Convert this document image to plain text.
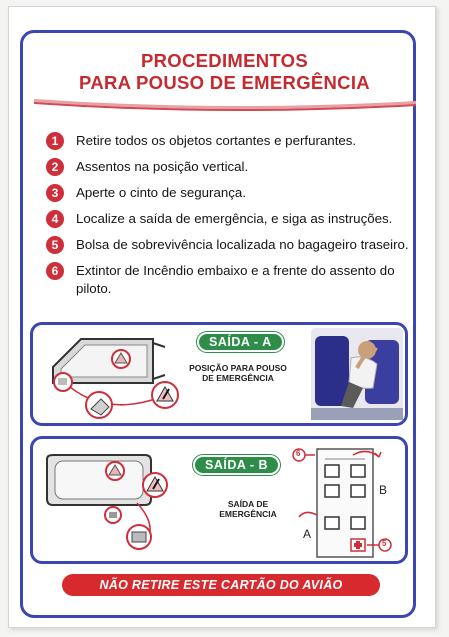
PROCEDIMENTOS
PARA POUSO DE EMERGÊNCIA
1	Retire todos os objetos cortantes e perfurantes.
2	Assentos na posição vertical.
3	Aperte o cinto de segurança.
4	Localize a saída de emergência, e siga as instruções.
5	Bolsa de sobrevivência localizada no bagageiro traseiro.
6	Extintor de Incêndio embaixo e a frente do assento do piloto.
SAÍDA - A
POSIÇÃO PARA POUSO
DE EMERGÊNCIA
SAÍDA - B
SAÍDA DE
EMERGÊNCIA
6
5
B
A
NÃO RETIRE ESTE CARTÃO DO AVIÃO
